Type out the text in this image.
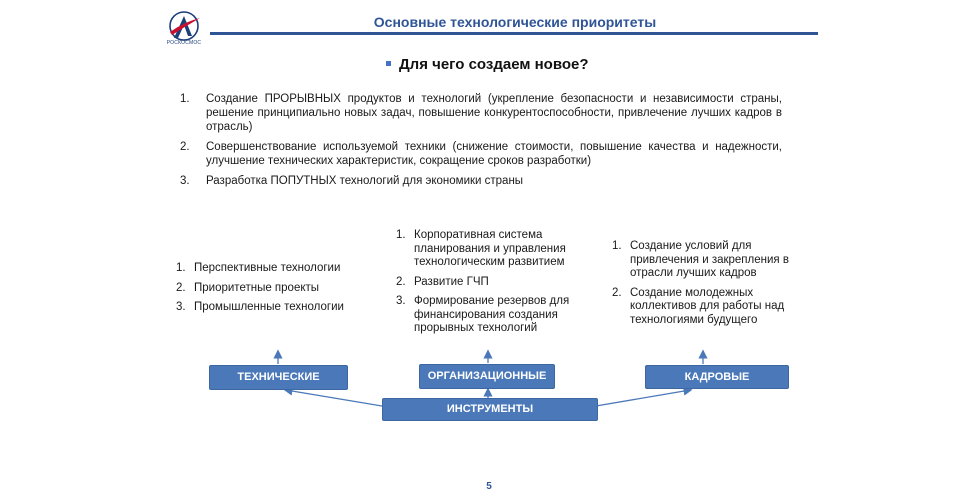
РОСКОСМОС
Основные технологические приоритеты
Для чего создаем новое?
1.	Создание ПРОРЫВНЫХ продуктов и технологий (укрепление безопасности и независимости страны, решение принципиально новых задач, повышение конкурентоспособности, привлечение лучших кадров в отрасль)
2.	Совершенствование используемой техники (снижение стоимости, повышение качества и надежности, улучшение технических характеристик, сокращение сроков разработки)
3.	Разработка ПОПУТНЫХ технологий для экономики страны
1. Перспективные технологии
2. Приоритетные проекты
3. Промышленные технологии
1. Корпоративная система планирования и управления технологическим развитием
2. Развитие ГЧП
3. Формирование резервов для финансирования создания прорывных технологий
1. Создание условий для привлечения и закрепления в отрасли лучших кадров
2. Создание молодежных коллективов для работы над технологиями будущего
ТЕХНИЧЕСКИЕ	ОРГАНИЗАЦИОННЫЕ	КАДРОВЫЕ
ИНСТРУМЕНТЫ
5
